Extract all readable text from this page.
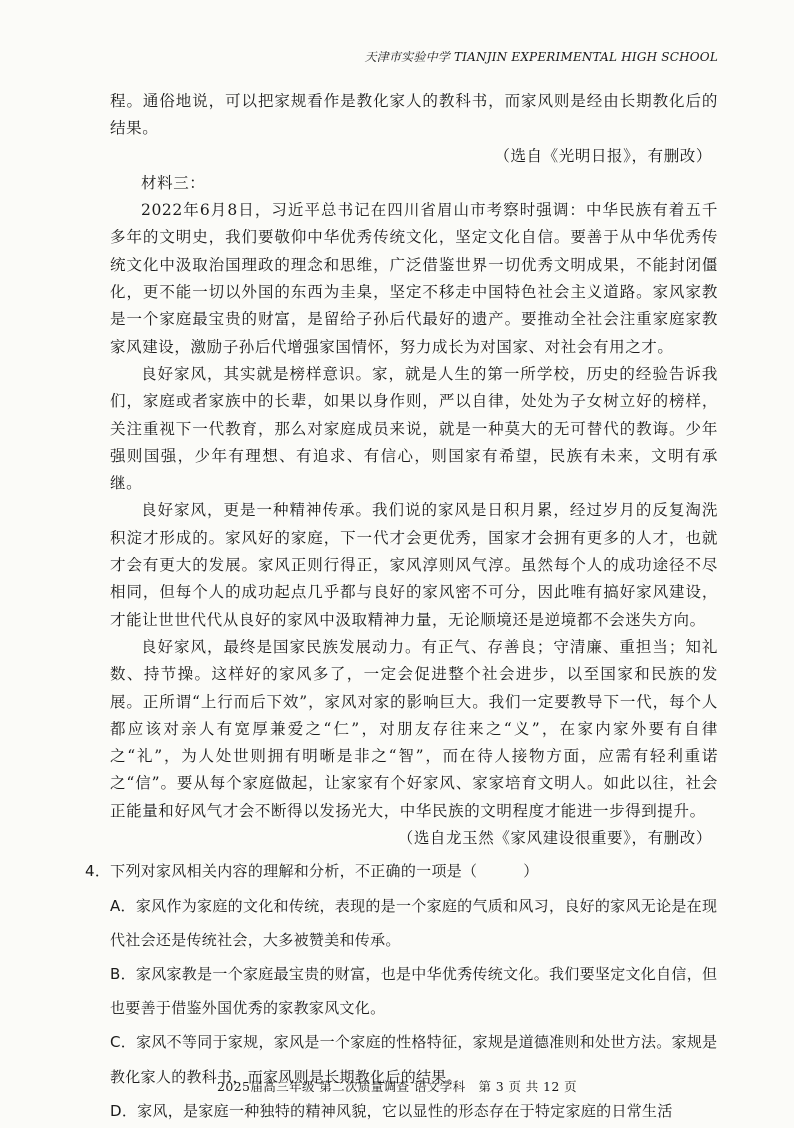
天津市实验中学 TIANJIN EXPERIMENTAL HIGH SCHOOL

程。通俗地说，可以把家规看作是教化家人的教科书，而家风则是经由长期教化后的结果。

（选自《光明日报》，有删改）

材料三：

2022年6月8日，习近平总书记在四川省眉山市考察时强调：中华民族有着五千多年的文明史，我们要敬仰中华优秀传统文化，坚定文化自信。要善于从中华优秀传统文化中汲取治国理政的理念和思维，广泛借鉴世界一切优秀文明成果，不能封闭僵化，更不能一切以外国的东西为圭臬，坚定不移走中国特色社会主义道路。家风家教是一个家庭最宝贵的财富，是留给子孙后代最好的遗产。要推动全社会注重家庭家教家风建设，激励子孙后代增强家国情怀，努力成长为对国家、对社会有用之才。

良好家风，其实就是榜样意识。家，就是人生的第一所学校，历史的经验告诉我们，家庭或者家族中的长辈，如果以身作则，严以自律，处处为子女树立好的榜样，关注重视下一代教育，那么对家庭成员来说，就是一种莫大的无可替代的教诲。少年强则国强，少年有理想、有追求、有信心，则国家有希望，民族有未来，文明有承继。

良好家风，更是一种精神传承。我们说的家风是日积月累，经过岁月的反复淘洗积淀才形成的。家风好的家庭，下一代才会更优秀，国家才会拥有更多的人才，也就才会有更大的发展。家风正则行得正，家风淳则风气淳。虽然每个人的成功途径不尽相同，但每个人的成功起点几乎都与良好的家风密不可分，因此唯有搞好家风建设，才能让世世代代从良好的家风中汲取精神力量，无论顺境还是逆境都不会迷失方向。

良好家风，最终是国家民族发展动力。有正气、存善良；守清廉、重担当；知礼数、持节操。这样好的家风多了，一定会促进整个社会进步，以至国家和民族的发展。正所谓“上行而后下效”，家风对家的影响巨大。我们一定要教导下一代，每个人都应该对亲人有宽厚兼爱之“仁”，对朋友存往来之“义”，在家内家外要有自律之“礼”，为人处世则拥有明晰是非之“智”，而在待人接物方面，应需有轻利重诺之“信”。要从每个家庭做起，让家家有个好家风、家家培育文明人。如此以往，社会正能量和好风气才会不断得以发扬光大，中华民族的文明程度才能进一步得到提升。

（选自龙玉然《家风建设很重要》，有删改）

4．下列对家风相关内容的理解和分析，不正确的一项是（　　　）

A．家风作为家庭的文化和传统，表现的是一个家庭的气质和风习，良好的家风无论是在现代社会还是传统社会，大多被赞美和传承。

B．家风家教是一个家庭最宝贵的财富，也是中华优秀传统文化。我们要坚定文化自信，但也要善于借鉴外国优秀的家教家风文化。

C．家风不等同于家规，家风是一个家庭的性格特征，家规是道德准则和处世方法。家规是教化家人的教科书，而家风则是长期教化后的结果。

D．家风，是家庭一种独特的精神风貌，它以显性的形态存在于特定家庭的日常生活

2025届高三年级 第二次质量调查 语文学科　第 3 页 共 12 页
